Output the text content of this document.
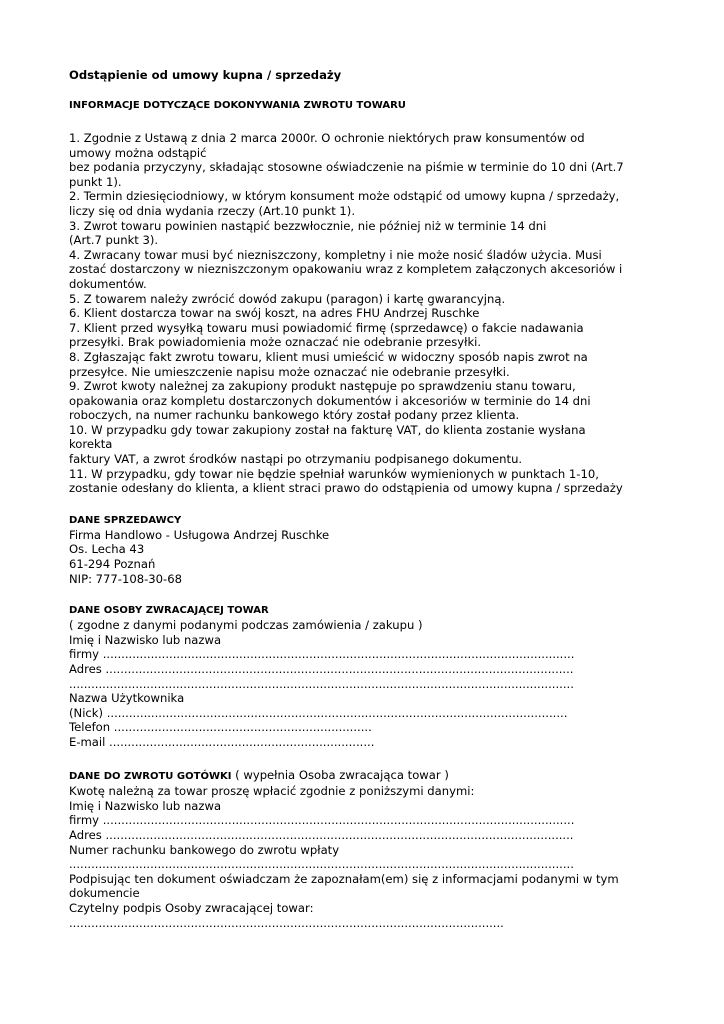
Odstąpienie od umowy kupna / sprzedaży
INFORMACJE DOTYCZĄCE DOKONYWANIA ZWROTU TOWARU
1. Zgodnie z Ustawą z dnia 2 marca 2000r. O ochronie niektórych praw konsumentów od
umowy można odstąpić
bez podania przyczyny, składając stosowne oświadczenie na piśmie w terminie do 10 dni (Art.7
punkt 1).
2. Termin dziesięciodniowy, w którym konsument może odstąpić od umowy kupna / sprzedaży,
liczy się od dnia wydania rzeczy (Art.10 punkt 1).
3. Zwrot towaru powinien nastąpić bezzwłocznie, nie później niż w terminie 14 dni
(Art.7 punkt 3).
4. Zwracany towar musi być niezniszczony, kompletny i nie może nosić śladów użycia. Musi
zostać dostarczony w niezniszczonym opakowaniu wraz z kompletem załączonych akcesoriów i
dokumentów.
5. Z towarem należy zwrócić dowód zakupu (paragon) i kartę gwarancyjną.
6. Klient dostarcza towar na swój koszt, na adres FHU Andrzej Ruschke
7. Klient przed wysyłką towaru musi powiadomić firmę (sprzedawcę) o fakcie nadawania
przesyłki. Brak powiadomienia może oznaczać nie odebranie przesyłki.
8. Zgłaszając fakt zwrotu towaru, klient musi umieścić w widoczny sposób napis zwrot na
przesyłce. Nie umieszczenie napisu może oznaczać nie odebranie przesyłki.
9. Zwrot kwoty należnej za zakupiony produkt następuje po sprawdzeniu stanu towaru,
opakowania oraz kompletu dostarczonych dokumentów i akcesoriów w terminie do 14 dni
roboczych, na numer rachunku bankowego który został podany przez klienta.
10. W przypadku gdy towar zakupiony został na fakturę VAT, do klienta zostanie wysłana
korekta
faktury VAT, a zwrot środków nastąpi po otrzymaniu podpisanego dokumentu.
11. W przypadku, gdy towar nie będzie spełniał warunków wymienionych w punktach 1-10,
zostanie odesłany do klienta, a klient straci prawo do odstąpienia od umowy kupna / sprzedaży
DANE SPRZEDAWCY
Firma Handlowo - Usługowa Andrzej Ruschke
Os. Lecha 43
61-294 Poznań
NIP: 777-108-30-68
DANE OSOBY ZWRACAJĄCEJ TOWAR
( zgodne z danymi podanymi podczas zamówienia / zakupu )
Imię i Nazwisko lub nazwa
firmy ................................................................................................................................
Adres ...............................................................................................................................
.........................................................................................................................................
Nazwa Użytkownika
(Nick) .............................................................................................................................
Telefon ......................................................................
E-mail ........................................................................
DANE DO ZWROTU GOTÓWKI ( wypełnia Osoba zwracająca towar )
Kwotę należną za towar proszę wpłacić zgodnie z poniższymi danymi:
Imię i Nazwisko lub nazwa
firmy ................................................................................................................................
Adres ...............................................................................................................................
Numer rachunku bankowego do zwrotu wpłaty
.........................................................................................................................................
Podpisując ten dokument oświadczam że zapoznałam(em) się z informacjami podanymi w tym
dokumencie
Czytelny podpis Osoby zwracającej towar:
......................................................................................................................
